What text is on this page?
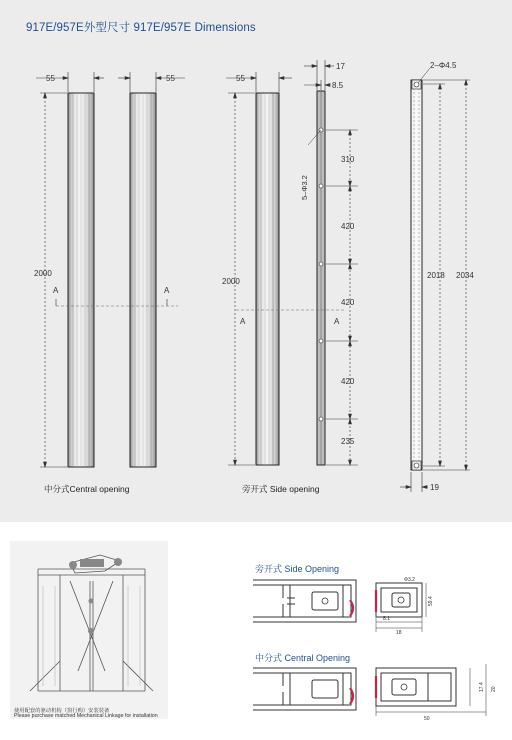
917E/957E外型尺寸 917E/957E Dimensions
55	55
2000
A	A
55
17
8.5
2000
A	A
5–Φ3.2
310
420
420
420
235
2–Φ4.5
2018 2034
19
中分式Central opening	旁开式 Side opening
使用配套的驱动机构（窗行购）安装装备
Please purchase matched Mechanical Linkage for installation
旁开式 Side Opening
中分式 Central Opening
Φ3.2
8.1
18
59.4
17.4 20
50
